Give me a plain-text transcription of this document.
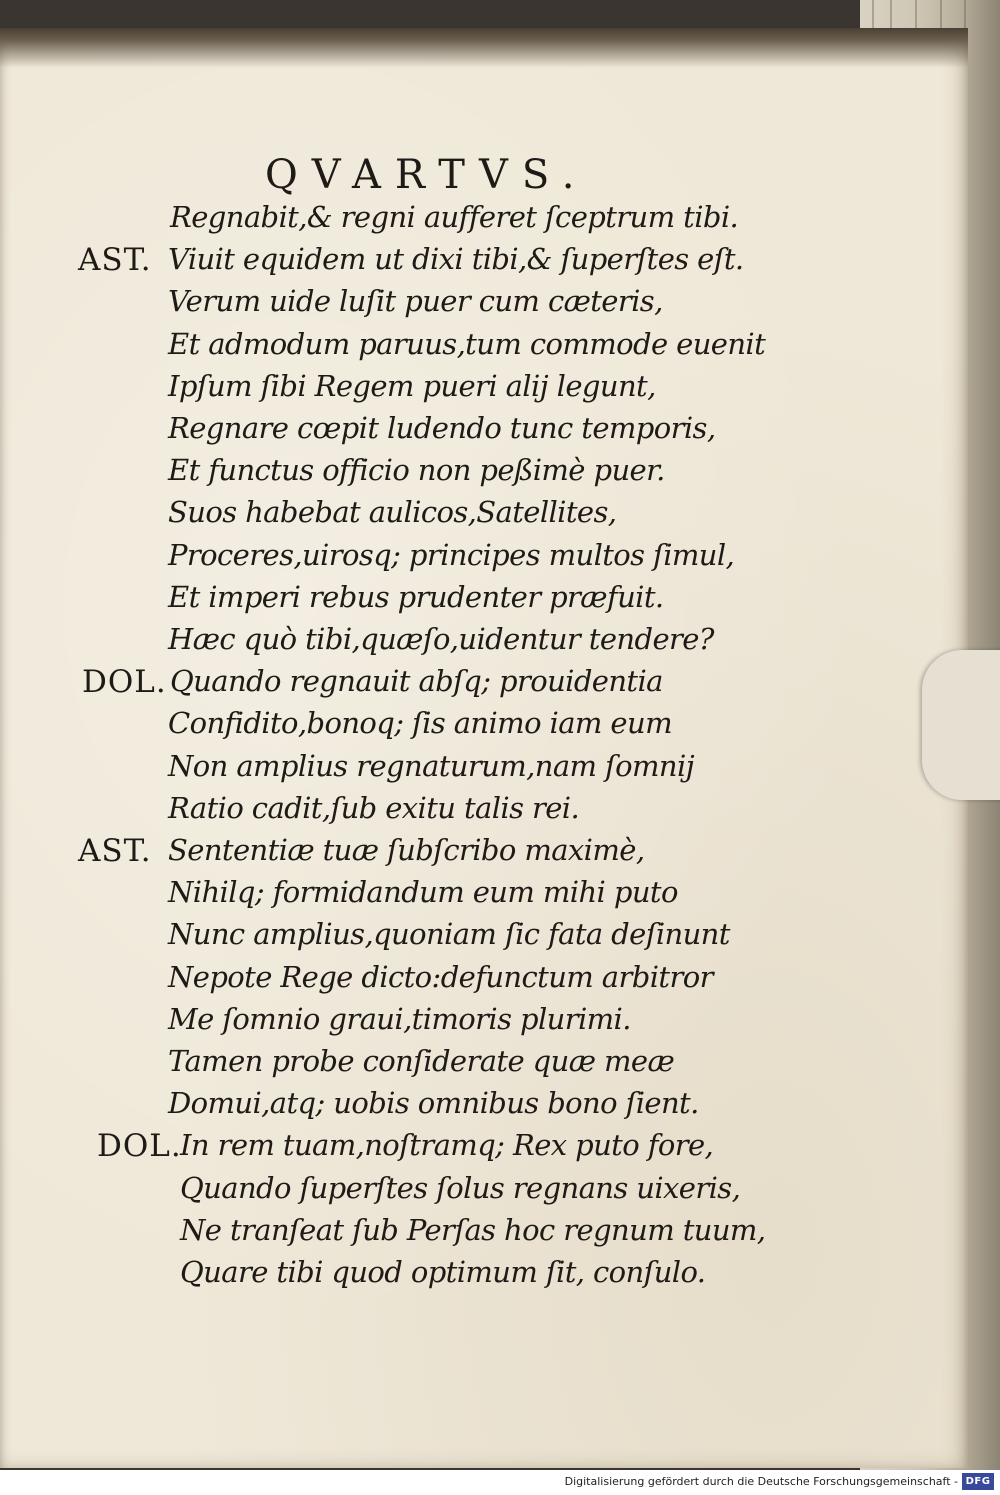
QVARTVS.
Regnabit,& regni aufferet ſceptrum tibi.
AST. Viuit equidem ut dixi tibi,& ſuperſtes eſt.
Verum uide luſit puer cum cæteris,
Et admodum paruus,tum commode euenit
Ipſum ſibi Regem pueri alij legunt,
Regnare cœpit ludendo tunc temporis,
Et functus officio non peßimè puer.
Suos habebat aulicos,Satellites,
Proceres,uirosq; principes multos ſimul,
Et imperi rebus prudenter præfuit.
Hæc quò tibi,quæſo,uidentur tendere?
DOL. Quando regnauit abſq; prouidentia
Confidito,bonoq; ſis animo iam eum
Non amplius regnaturum,nam ſomnij
Ratio cadit,ſub exitu talis rei.
AST. Sententiæ tuæ ſubſcribo maximè,
Nihilq; formidandum eum mihi puto
Nunc amplius,quoniam ſic fata deſinunt
Nepote Rege dicto:defunctum arbitror
Me ſomnio graui,timoris plurimi.
Tamen probe conſiderate quæ meæ
Domui,atq; uobis omnibus bono ſient.
DOL.
In rem tuam,noſtramq; Rex puto fore,
Quando ſuperſtes ſolus regnans uixeris,
Ne tranſeat ſub Perſas hoc regnum tuum,
Quare tibi quod optimum ſit, conſulo.
Digitalisierung gefördert durch die Deutsche Forschungsgemeinschaft - DFG
